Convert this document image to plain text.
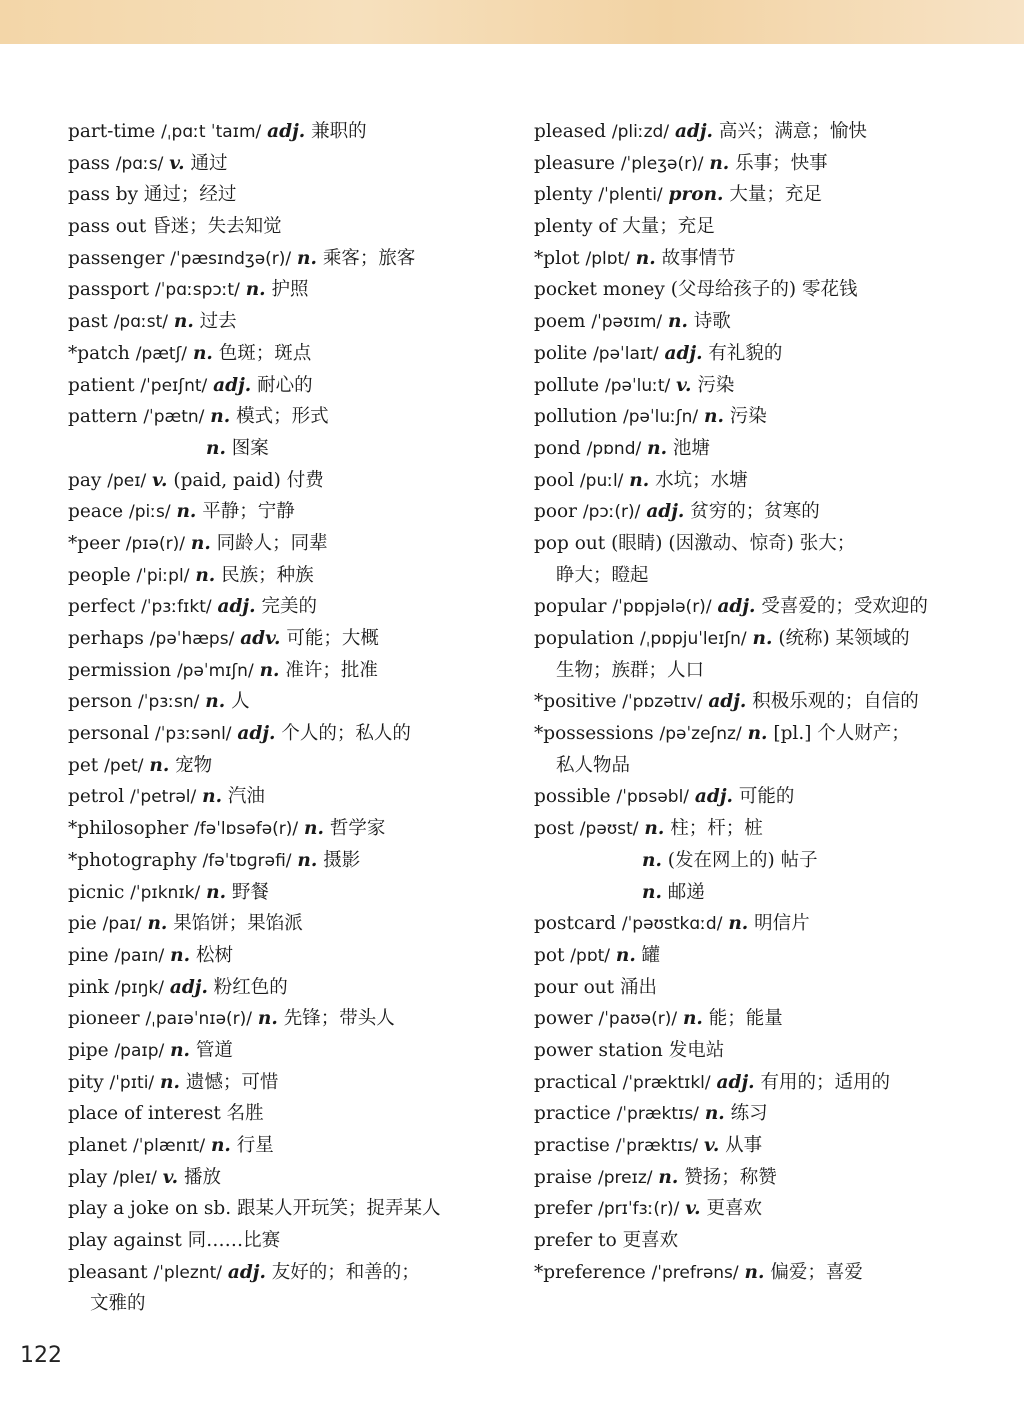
part-time /ˌpɑːt ˈtaɪm/ adj. 兼职的
pass /pɑːs/ v. 通过
pass by 通过；经过
pass out 昏迷；失去知觉
passenger /ˈpæsɪndʒə(r)/ n. 乘客；旅客
passport /ˈpɑːspɔːt/ n. 护照
past /pɑːst/ n. 过去
*patch /pætʃ/ n. 色斑；斑点
patient /ˈpeɪʃnt/ adj. 耐心的
pattern /ˈpætn/ n. 模式；形式
n. 图案
pay /peɪ/ v. (paid, paid) 付费
peace /piːs/ n. 平静；宁静
*peer /pɪə(r)/ n. 同龄人；同辈
people /ˈpiːpl/ n. 民族；种族
perfect /ˈpɜːfɪkt/ adj. 完美的
perhaps /pəˈhæps/ adv. 可能；大概
permission /pəˈmɪʃn/ n. 准许；批准
person /ˈpɜːsn/ n. 人
personal /ˈpɜːsənl/ adj. 个人的；私人的
pet /pet/ n. 宠物
petrol /ˈpetrəl/ n. 汽油
*philosopher /fəˈlɒsəfə(r)/ n. 哲学家
*photography /fəˈtɒɡrəfi/ n. 摄影
picnic /ˈpɪknɪk/ n. 野餐
pie /paɪ/ n. 果馅饼；果馅派
pine /paɪn/ n. 松树
pink /pɪŋk/ adj. 粉红色的
pioneer /ˌpaɪəˈnɪə(r)/ n. 先锋；带头人
pipe /paɪp/ n. 管道
pity /ˈpɪti/ n. 遗憾；可惜
place of interest 名胜
planet /ˈplænɪt/ n. 行星
play /pleɪ/ v. 播放
play a joke on sb. 跟某人开玩笑；捉弄某人
play against 同……比赛
pleasant /ˈpleznt/ adj. 友好的；和善的；
文雅的
pleased /pliːzd/ adj. 高兴；满意；愉快
pleasure /ˈpleʒə(r)/ n. 乐事；快事
plenty /ˈplenti/ pron. 大量；充足
plenty of 大量；充足
*plot /plɒt/ n. 故事情节
pocket money (父母给孩子的) 零花钱
poem /ˈpəʊɪm/ n. 诗歌
polite /pəˈlaɪt/ adj. 有礼貌的
pollute /pəˈluːt/ v. 污染
pollution /pəˈluːʃn/ n. 污染
pond /pɒnd/ n. 池塘
pool /puːl/ n. 水坑；水塘
poor /pɔː(r)/ adj. 贫穷的；贫寒的
pop out (眼睛) (因激动、惊奇) 张大；
睁大；瞪起
popular /ˈpɒpjələ(r)/ adj. 受喜爱的；受欢迎的
population /ˌpɒpjuˈleɪʃn/ n. (统称) 某领域的
生物；族群；人口
*positive /ˈpɒzətɪv/ adj. 积极乐观的；自信的
*possessions /pəˈzeʃnz/ n. [pl.] 个人财产；
私人物品
possible /ˈpɒsəbl/ adj. 可能的
post /pəʊst/ n. 柱；杆；桩
n. (发在网上的) 帖子
n. 邮递
postcard /ˈpəʊstkɑːd/ n. 明信片
pot /pɒt/ n. 罐
pour out 涌出
power /ˈpaʊə(r)/ n. 能；能量
power station 发电站
practical /ˈpræktɪkl/ adj. 有用的；适用的
practice /ˈpræktɪs/ n. 练习
practise /ˈpræktɪs/ v. 从事
praise /preɪz/ n. 赞扬；称赞
prefer /prɪˈfɜː(r)/ v. 更喜欢
prefer to 更喜欢
*preference /ˈprefrəns/ n. 偏爱；喜爱
122
